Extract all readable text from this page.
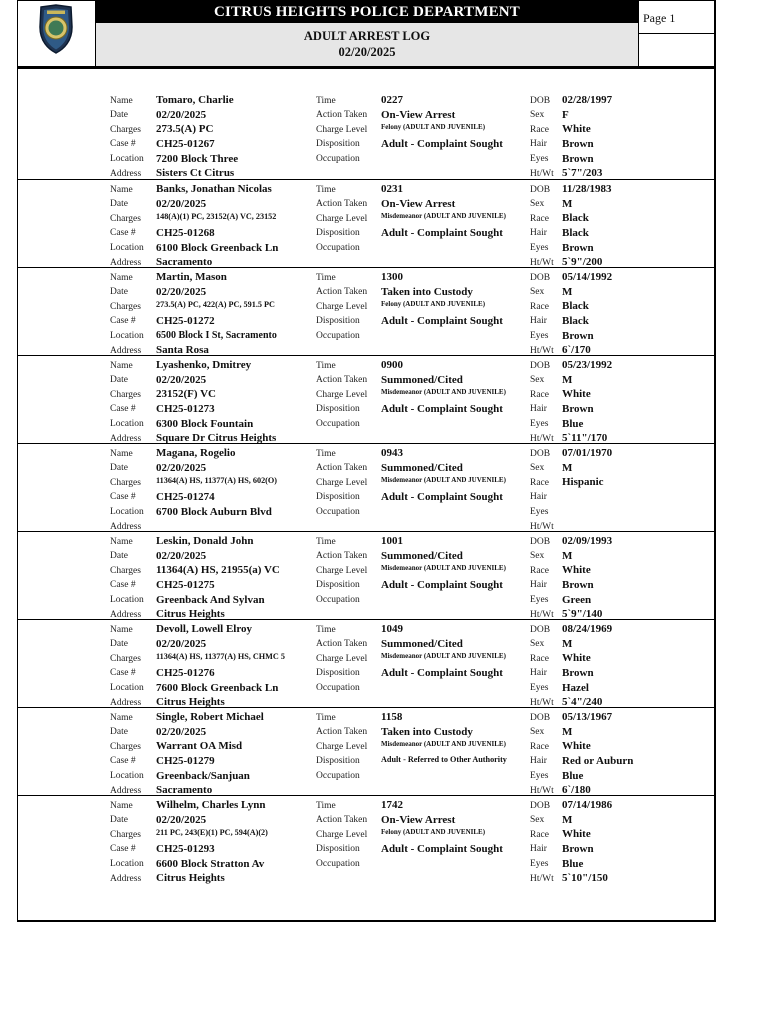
CITRUS HEIGHTS POLICE DEPARTMENT
ADULT ARREST LOG
02/20/2025
Page 1
Name Tomaro, Charlie
Date	02/20/2025
Charges 273.5(A) PC
Case # CH25-01267
Location 7200 Block Three
Address Sisters Ct Citrus
Time	0227
Action Taken On-View Arrest
Charge Level Felony (ADULT AND JUVENILE)
Disposition Adult - Complaint Sought
Occupation
DOB 02/28/1997
Sex F
Race White
Hair Brown
Eyes Brown
Ht/Wt 5`7"/203
Name Banks, Jonathan Nicolas
Date	02/20/2025
Charges 148(A)(1) PC, 23152(A) VC, 23152
Case # CH25-01268
Location 6100 Block Greenback Ln
Address Sacramento
Time	0231
Action Taken On-View Arrest
Charge Level Misdemeanor (ADULT AND JUVENILE)
Disposition Adult - Complaint Sought
Occupation
DOB 11/28/1983
Sex M
Race Black
Hair Black
Eyes Brown
Ht/Wt 5`9"/200
Name Martin, Mason
Date	02/20/2025
Charges 273.5(A) PC, 422(A) PC, 591.5 PC
Case # CH25-01272
Location 6500 Block I St, Sacramento
Address Santa Rosa
Time	1300
Action Taken Taken into Custody
Charge Level Felony (ADULT AND JUVENILE)
Disposition Adult - Complaint Sought
Occupation
DOB 05/14/1992
Sex M
Race Black
Hair Black
Eyes Brown
Ht/Wt 6`/170
Name Lyashenko, Dmitrey
Date	02/20/2025
Charges 23152(F) VC
Case # CH25-01273
Location 6300 Block Fountain
Address Square Dr Citrus Heights
Time	0900
Action Taken Summoned/Cited
Charge Level Misdemeanor (ADULT AND JUVENILE)
Disposition Adult - Complaint Sought
Occupation
DOB 05/23/1992
Sex M
Race White
Hair Brown
Eyes Blue
Ht/Wt 5`11"/170
Name Magana, Rogelio
Date	02/20/2025
Charges 11364(A) HS, 11377(A) HS, 602(O)
Case # CH25-01274
Location 6700 Block Auburn Blvd
Address
Time	0943
Action Taken Summoned/Cited
Charge Level Misdemeanor (ADULT AND JUVENILE)
Disposition Adult - Complaint Sought
Occupation
DOB 07/01/1970
Sex M
Race Hispanic
Hair
Eyes
Ht/Wt
Name Leskin, Donald John
Date	02/20/2025
Charges 11364(A) HS, 21955(a) VC
Case # CH25-01275
Location Greenback And Sylvan
Address Citrus Heights
Time	1001
Action Taken Summoned/Cited
Charge Level Misdemeanor (ADULT AND JUVENILE)
Disposition Adult - Complaint Sought
Occupation
DOB 02/09/1993
Sex M
Race White
Hair Brown
Eyes Green
Ht/Wt 5`9"/140
Name Devoll, Lowell Elroy
Date	02/20/2025
Charges 11364(A) HS, 11377(A) HS, CHMC 5
Case # CH25-01276
Location 7600 Block Greenback Ln
Address Citrus Heights
Time	1049
Action Taken Summoned/Cited
Charge Level Misdemeanor (ADULT AND JUVENILE)
Disposition Adult - Complaint Sought
Occupation
DOB 08/24/1969
Sex M
Race White
Hair Brown
Eyes Hazel
Ht/Wt 5`4"/240
Name Single, Robert Michael
Date	02/20/2025
Charges Warrant OA Misd
Case # CH25-01279
Location Greenback/Sanjuan
Address Sacramento
Time	1158
Action Taken Taken into Custody
Charge Level Misdemeanor (ADULT AND JUVENILE)
Disposition	Adult - Referred to Other Authority
Occupation
DOB 05/13/1967
Sex M
Race White
Hair Red or Auburn
Eyes Blue
Ht/Wt 6`/180
Name Wilhelm, Charles Lynn
Date	02/20/2025
Charges 211 PC, 243(E)(1) PC, 594(A)(2)
Case # CH25-01293
Location 6600 Block Stratton Av
Address Citrus Heights
Time	1742
Action Taken On-View Arrest
Charge Level Felony (ADULT AND JUVENILE)
Disposition Adult - Complaint Sought
Occupation
DOB 07/14/1986
Sex M
Race White
Hair Brown
Eyes Blue
Ht/Wt 5`10"/150
